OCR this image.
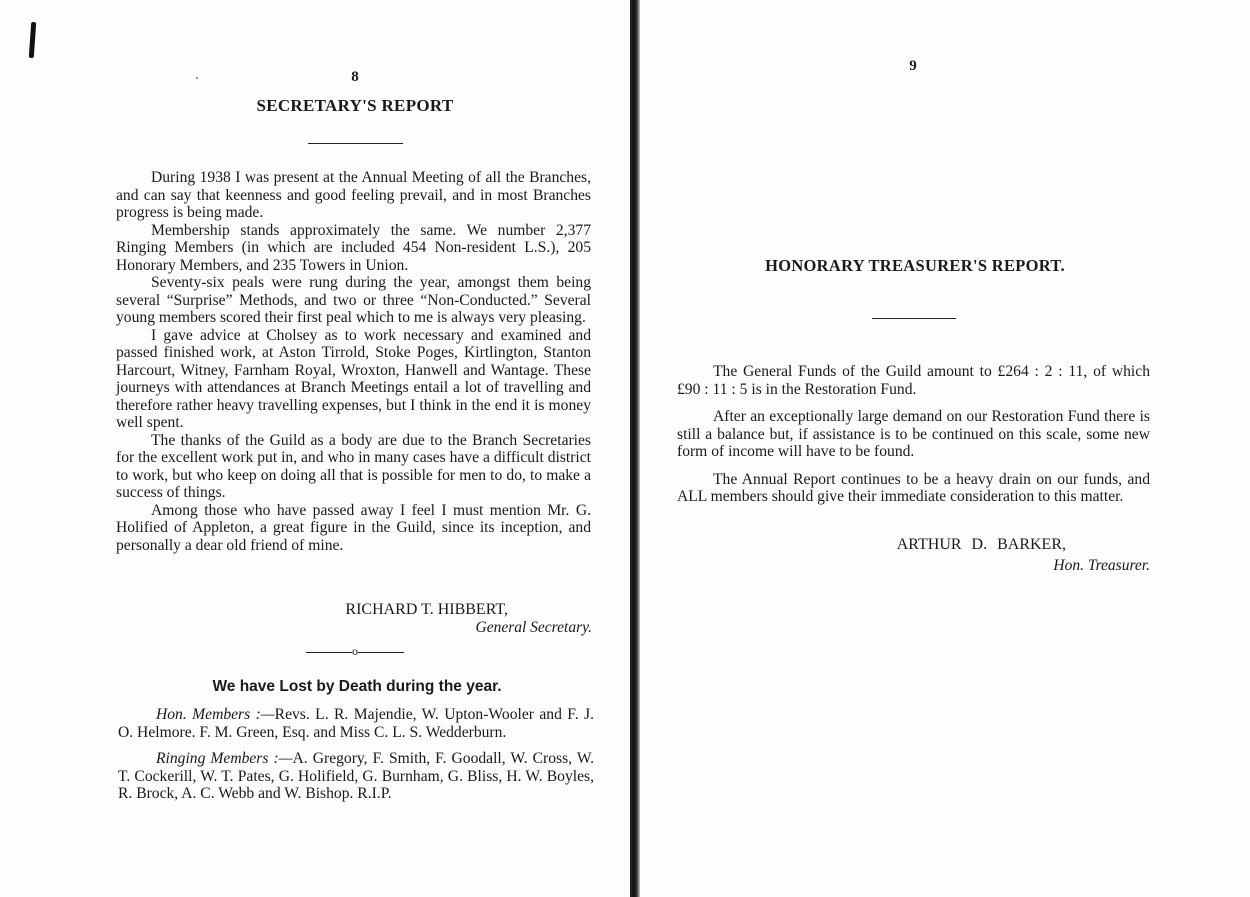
8
SECRETARY'S REPORT

During 1938 I was present at the Annual Meeting of all the Branches, and can say that keenness and good feeling prevail, and in most Branches progress is being made.

Membership stands approximately the same. We number 2,377 Ringing Members (in which are included 454 Non-resident L.S.), 205 Honorary Members, and 235 Towers in Union.

Seventy-six peals were rung during the year, amongst them being several “Surprise” Methods, and two or three “Non-Conducted.” Several young members scored their first peal which to me is always very pleasing.

I gave advice at Cholsey as to work necessary and examined and passed finished work, at Aston Tirrold, Stoke Poges, Kirtlington, Stanton Harcourt, Witney, Farnham Royal, Wroxton, Hanwell and Wantage. These journeys with attendances at Branch Meetings entail a lot of travelling and therefore rather heavy travelling expenses, but I think in the end it is money well spent.

The thanks of the Guild as a body are due to the Branch Secretaries for the excellent work put in, and who in many cases have a difficult district to work, but who keep on doing all that is possible for men to do, to make a success of things.

Among those who have passed away I feel I must mention Mr. G. Holified of Appleton, a great figure in the Guild, since its inception, and personally a dear old friend of mine.

RICHARD T. HIBBERT,
General Secretary.
o
We have Lost by Death during the year.

Hon. Members :—Revs. L. R. Majendie, W. Upton-Wooler and F. J. O. Helmore. F. M. Green, Esq. and Miss C. L. S. Wedderburn.

Ringing Members :—A. Gregory, F. Smith, F. Goodall, W. Cross, W. T. Cockerill, W. T. Pates, G. Holifield, G. Burnham, G. Bliss, H. W. Boyles, R. Brock, A. C. Webb and W. Bishop. R.I.P.

9
HONORARY TREASURER'S REPORT.

The General Funds of the Guild amount to £264 : 2 : 11, of which £90 : 11 : 5 is in the Restoration Fund.

After an exceptionally large demand on our Restoration Fund there is still a balance but, if assistance is to be continued on this scale, some new form of income will have to be found.

The Annual Report continues to be a heavy drain on our funds, and ALL members should give their immediate consideration to this matter.

ARTHUR D. BARKER,
Hon. Treasurer.
